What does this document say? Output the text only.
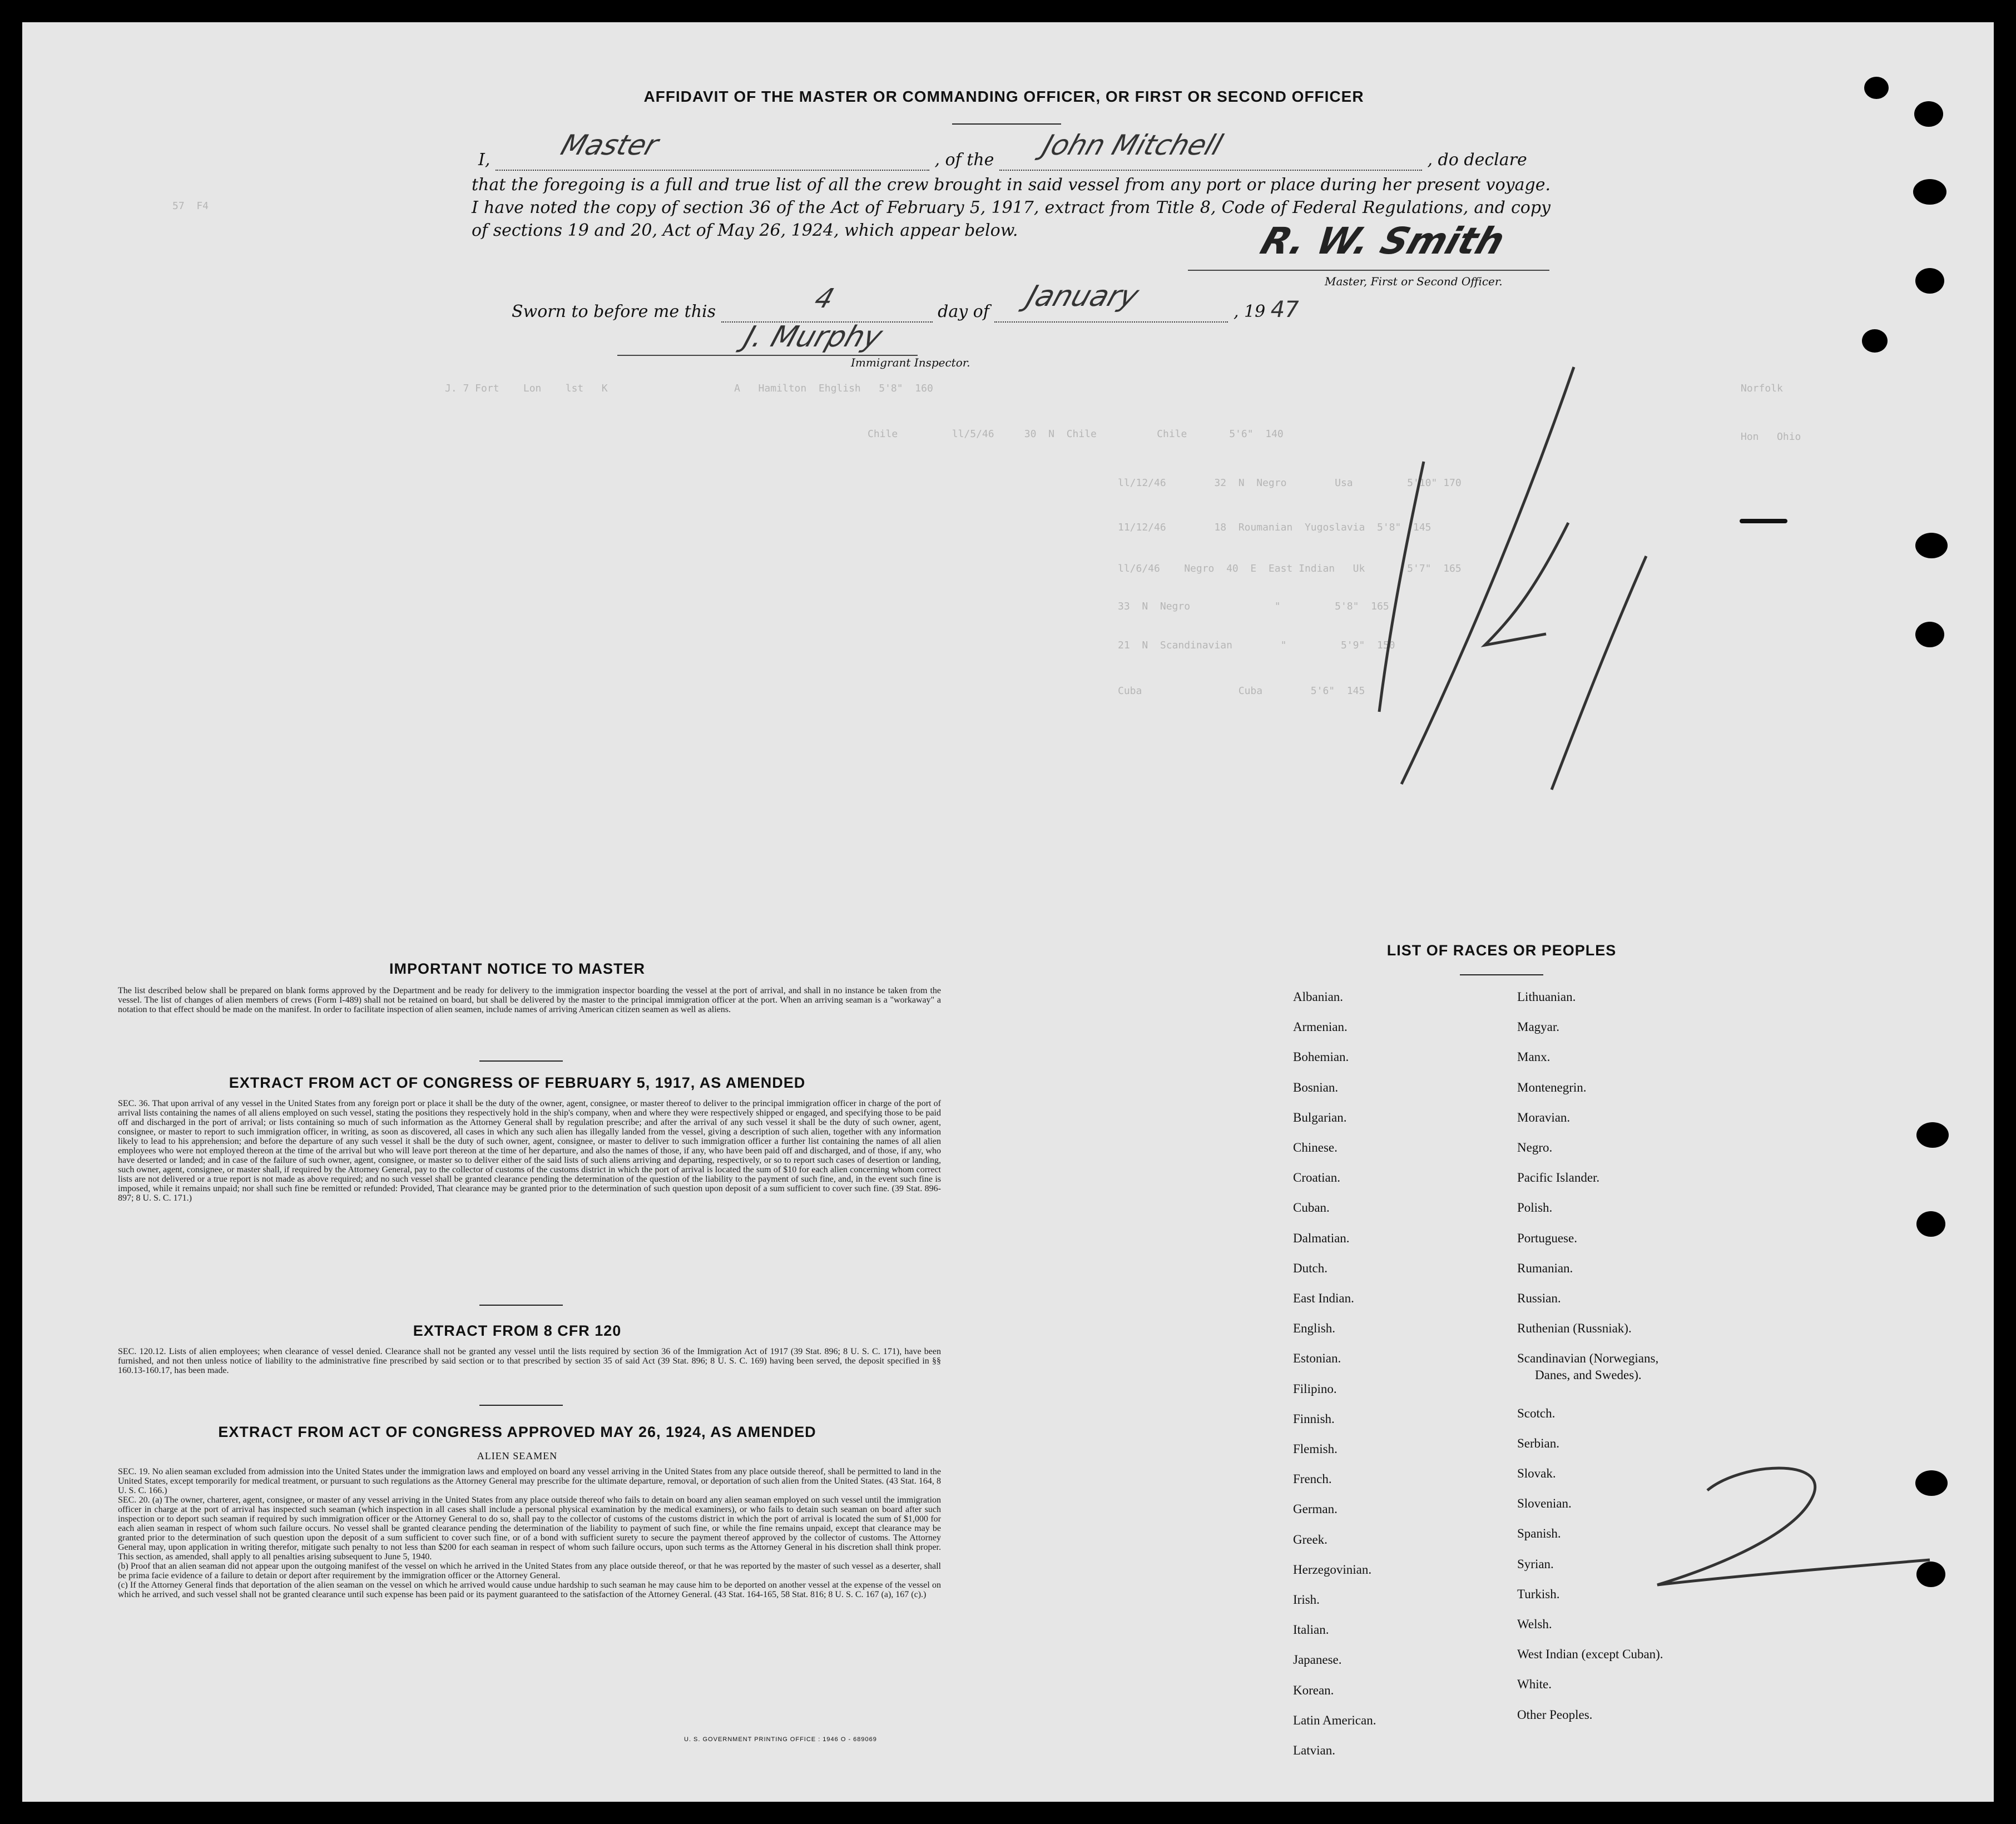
J. 7 Fort    Lon    lst   K                     A   Hamilton  Ehglish   5'8"  160
Chile         ll/5/46     30  N  Chile          Chile       5'6"  140
ll/12/46        32  N  Negro        Usa         5'10" 170
11/12/46        18  Roumanian  Yugoslavia  5'8"  145
ll/6/46    Negro  40  E  East Indian   Uk       5'7"  165
33  N  Negro              "         5'8"  165
21  N  Scandinavian        "         5'9"  150
Cuba                Cuba        5'6"  145
57  F4
Norfolk
Hon   Ohio
AFFIDAVIT OF THE MASTER OR COMMANDING OFFICER, OR FIRST OR SECOND OFFICER
I, Master	, of the John Mitchell	, do declare
that the foregoing is a full and true list of all the crew brought in said vessel from any port or place during her present voyage. I have noted the copy of section 36 of the Act of February 5, 1917, extract from Title 8, Code of Federal Regulations, and copy of sections 19 and 20, Act of May 26, 1924, which appear below.	R. W. Smith
Master, First or Second Officer.
Sworn to before me this	4	day of January	, 19 47
J. Murphy
Immigrant Inspector.
IMPORTANT NOTICE TO MASTER
The list described below shall be prepared on blank forms approved by the Department and be ready for delivery to the immigration inspector boarding the vessel at the port of arrival, and shall in no instance be taken from the vessel. The list of changes of alien members of crews (Form I-489) shall not be retained on board, but shall be delivered by the master to the principal immigration officer at the port. When an arriving seaman is a "workaway" a notation to that effect should be made on the manifest. In order to facilitate inspection of alien seamen, include names of arriving American citizen seamen as well as aliens.
EXTRACT FROM ACT OF CONGRESS OF FEBRUARY 5, 1917, AS AMENDED
SEC. 36. That upon arrival of any vessel in the United States from any foreign port or place it shall be the duty of the owner, agent, consignee, or master thereof to deliver to the principal immigration officer in charge of the port of arrival lists containing the names of all aliens employed on such vessel, stating the positions they respectively hold in the ship's company, when and where they were respectively shipped or engaged, and specifying those to be paid off and discharged in the port of arrival; or lists containing so much of such information as the Attorney General shall by regulation prescribe; and after the arrival of any such vessel it shall be the duty of such owner, agent, consignee, or master to report to such immigration officer, in writing, as soon as discovered, all cases in which any such alien has illegally landed from the vessel, giving a description of such alien, together with any information likely to lead to his apprehension; and before the departure of any such vessel it shall be the duty of such owner, agent, consignee, or master to deliver to such immigration officer a further list containing the names of all alien employees who were not employed thereon at the time of the arrival but who will leave port thereon at the time of her departure, and also the names of those, if any, who have been paid off and discharged, and of those, if any, who have deserted or landed; and in case of the failure of such owner, agent, consignee, or master so to deliver either of the said lists of such aliens arriving and departing, respectively, or so to report such cases of desertion or landing, such owner, agent, consignee, or master shall, if required by the Attorney General, pay to the collector of customs of the customs district in which the port of arrival is located the sum of $10 for each alien concerning whom correct lists are not delivered or a true report is not made as above required; and no such vessel shall be granted clearance pending the determination of the question of the liability to the payment of such fine, and, in the event such fine is imposed, while it remains unpaid; nor shall such fine be remitted or refunded: Provided, That clearance may be granted prior to the determination of such question upon deposit of a sum sufficient to cover such fine. (39 Stat. 896-897; 8 U. S. C. 171.)
EXTRACT FROM 8 CFR 120
SEC. 120.12. Lists of alien employees; when clearance of vessel denied. Clearance shall not be granted any vessel until the lists required by section 36 of the Immigration Act of 1917 (39 Stat. 896; 8 U. S. C. 171), have been furnished, and not then unless notice of liability to the administrative fine prescribed by said section or to that prescribed by section 35 of said Act (39 Stat. 896; 8 U. S. C. 169) having been served, the deposit specified in §§ 160.13-160.17, has been made.
EXTRACT FROM ACT OF CONGRESS APPROVED MAY 26, 1924, AS AMENDED
ALIEN SEAMEN
SEC. 19. No alien seaman excluded from admission into the United States under the immigration laws and employed on board any vessel arriving in the United States from any place outside thereof, shall be permitted to land in the United States, except temporarily for medical treatment, or pursuant to such regulations as the Attorney General may prescribe for the ultimate departure, removal, or deportation of such alien from the United States. (43 Stat. 164, 8 U. S. C. 166.)
SEC. 20. (a) The owner, charterer, agent, consignee, or master of any vessel arriving in the United States from any place outside thereof who fails to detain on board any alien seaman employed on such vessel until the immigration officer in charge at the port of arrival has inspected such seaman (which inspection in all cases shall include a personal physical examination by the medical examiners), or who fails to detain such seaman on board after such inspection or to deport such seaman if required by such immigration officer or the Attorney General to do so, shall pay to the collector of customs of the customs district in which the port of arrival is located the sum of $1,000 for each alien seaman in respect of whom such failure occurs. No vessel shall be granted clearance pending the determination of the liability to payment of such fine, or while the fine remains unpaid, except that clearance may be granted prior to the determination of such question upon the deposit of a sum sufficient to cover such fine, or of a bond with sufficient surety to secure the payment thereof approved by the collector of customs. The Attorney General may, upon application in writing therefor, mitigate such penalty to not less than $200 for each seaman in respect of whom such failure occurs, upon such terms as the Attorney General in his discretion shall think proper. This section, as amended, shall apply to all penalties arising subsequent to June 5, 1940.
(b) Proof that an alien seaman did not appear upon the outgoing manifest of the vessel on which he arrived in the United States from any place outside thereof, or that he was reported by the master of such vessel as a deserter, shall be prima facie evidence of a failure to detain or deport after requirement by the immigration officer or the Attorney General.
(c) If the Attorney General finds that deportation of the alien seaman on the vessel on which he arrived would cause undue hardship to such seaman he may cause him to be deported on another vessel at the expense of the vessel on which he arrived, and such vessel shall not be granted clearance until such expense has been paid or its payment guaranteed to the satisfaction of the Attorney General. (43 Stat. 164-165, 58 Stat. 816; 8 U. S. C. 167 (a), 167 (c).)
U. S. GOVERNMENT PRINTING OFFICE : 1946 O - 689069
LIST OF RACES OR PEOPLES
Albanian.
Armenian.
Bohemian.
Bosnian.
Bulgarian.
Chinese.
Croatian.
Cuban.
Dalmatian.
Dutch.
East Indian.
English.
Estonian.
Filipino.
Finnish.
Flemish.
French.
German.
Greek.
Herzegovinian.
Irish.
Italian.
Japanese.
Korean.
Latin American.
Latvian.
Lithuanian.
Magyar.
Manx.
Montenegrin.
Moravian.
Negro.
Pacific Islander.
Polish.
Portuguese.
Rumanian.
Russian.
Ruthenian (Russniak).
Scandinavian (Norwegians,
Danes, and Swedes).
Scotch.
Serbian.
Slovak.
Slovenian.
Spanish.
Syrian.
Turkish.
Welsh.
West Indian (except Cuban).
White.
Other Peoples.
